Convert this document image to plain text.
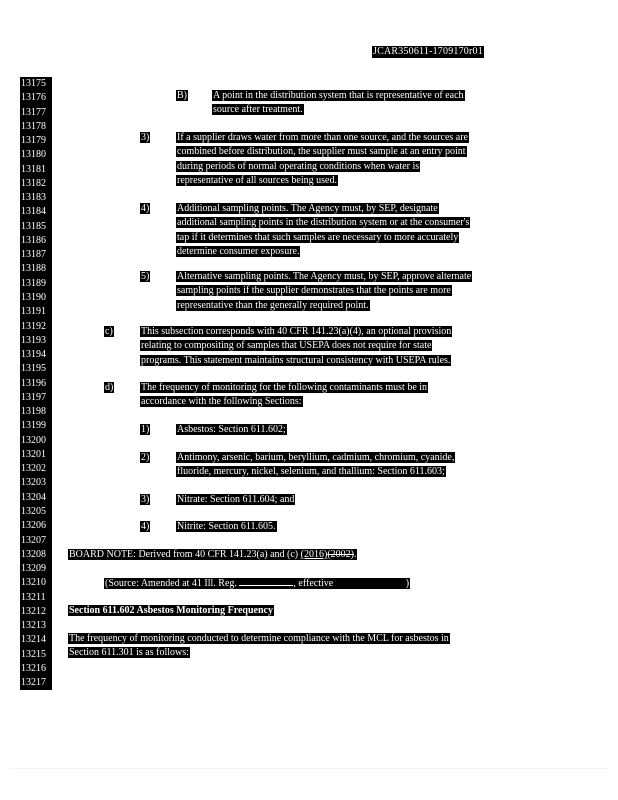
JCAR350611-1709170r01
13175
13176
13177
13178
13179
13180
13181
13182
13183
13184
13185
13186
13187
13188
13189
13190
13191
13192
13193
13194
13195
13196
13197
13198
13199
13200
13201
13202
13203
13204
13205
13206
13207
13208
13209
13210
13211
13212
13213
13214
13215
13216
13217
B)	A point in the distribution system that is representative of each
source after treatment.
3)	If a supplier draws water from more than one source, and the sources are
combined before distribution, the supplier must sample at an entry point
during periods of normal operating conditions when water is
representative of all sources being used.
4)	Additional sampling points. The Agency must, by SEP, designate
additional sampling points in the distribution system or at the consumer's
tap if it determines that such samples are necessary to more accurately
determine consumer exposure.
5)	Alternative sampling points. The Agency must, by SEP, approve alternate
sampling points if the supplier demonstrates that the points are more
representative than the generally required point.
c)	This subsection corresponds with 40 CFR 141.23(a)(4), an optional provision
relating to compositing of samples that USEPA does not require for state
programs. This statement maintains structural consistency with USEPA rules.
d)	The frequency of monitoring for the following contaminants must be in
accordance with the following Sections:
1)	Asbestos: Section 611.602;
2)	Antimony, arsenic, barium, beryllium, cadmium, chromium, cyanide,
fluoride, mercury, nickel, selenium, and thallium: Section 611.603;
3)	Nitrate: Section 611.604; and
4)	Nitrite: Section 611.605.
BOARD NOTE: Derived from 40 CFR 141.23(a) and (c) (2016)(2002).
(Source: Amended at 41 Ill. Reg.	, effective	)
Section 611.602 Asbestos Monitoring Frequency
The frequency of monitoring conducted to determine compliance with the MCL for asbestos in
Section 611.301 is as follows:
